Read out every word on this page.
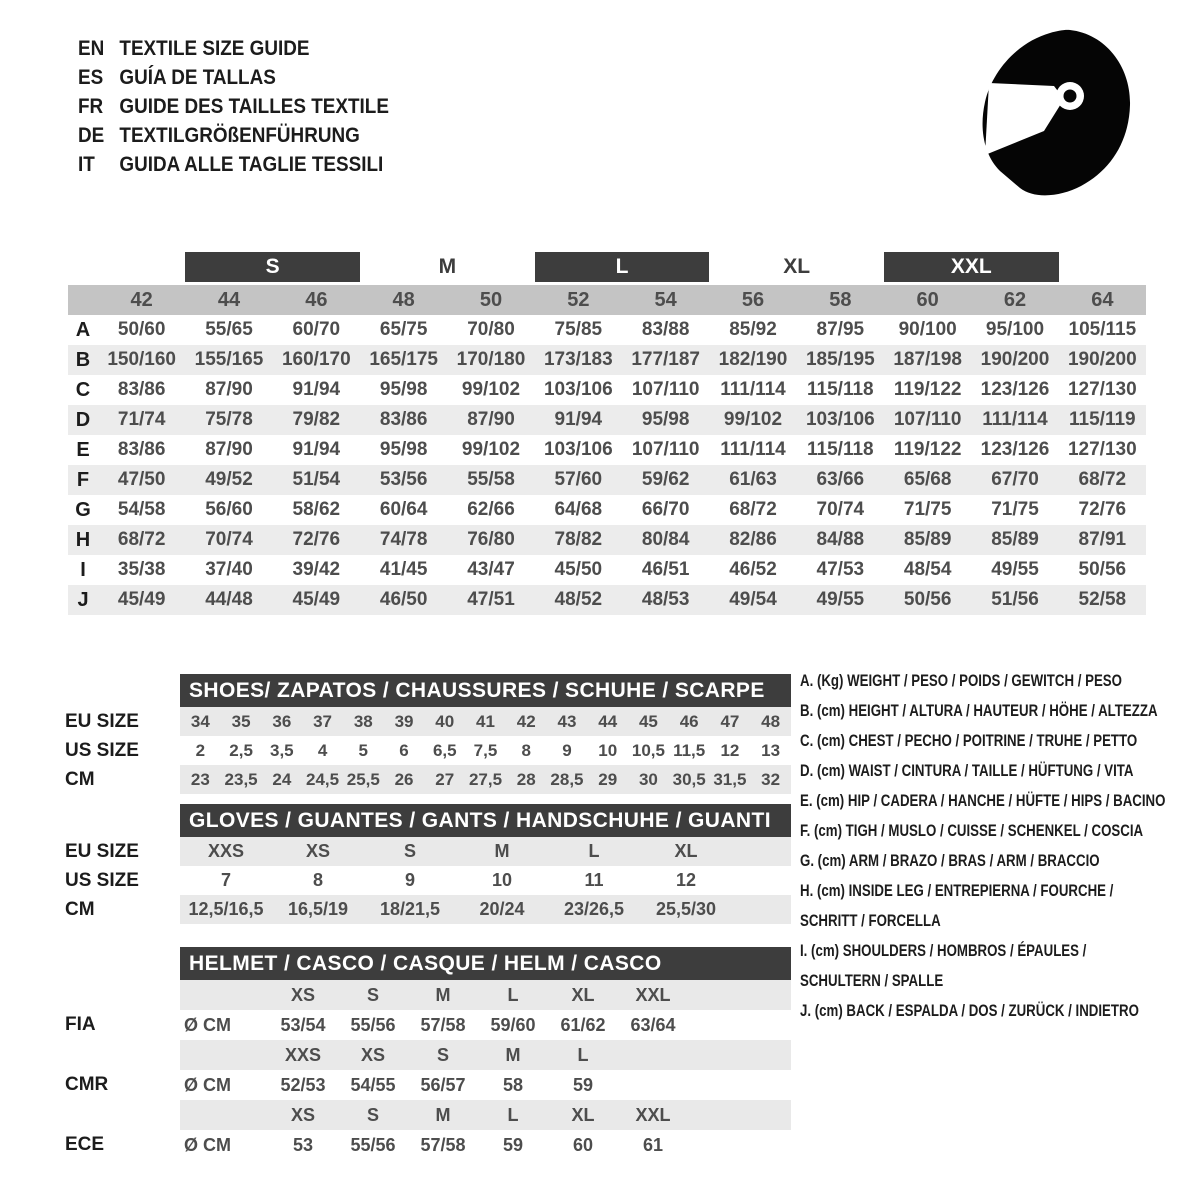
EN TEXTILE SIZE GUIDE
ES GUÍA DE TALLAS
FR GUIDE DES TAILLES TEXTILE
DE TEXTILGRÖßENFÜHRUNG
IT	GUIDA ALLE TAGLIE TESSILI
S	M	L	XL	XXL
42	44	46	48	50	52	54	56	58	60	62	64
A	50/60	55/65	60/70	65/75	70/80	75/85	83/88	85/92	87/95	90/100	95/100	105/115
B 150/160 155/165 160/170 165/175 170/180 173/183 177/187 182/190 185/195 187/198 190/200 190/200
C	83/86	87/90	91/94	95/98	99/102	103/106	107/110	111/114	115/118	119/122	123/126 127/130
D	71/74	75/78	79/82	83/86	87/90	91/94	95/98	99/102	103/106	107/110	111/114	115/119
E	83/86	87/90	91/94	95/98	99/102	103/106	107/110	111/114	115/118	119/122	123/126 127/130
F	47/50	49/52	51/54	53/56	55/58	57/60	59/62	61/63	63/66	65/68	67/70	68/72
G	54/58	56/60	58/62	60/64	62/66	64/68	66/70	68/72	70/74	71/75	71/75	72/76
H	68/72	70/74	72/76	74/78	76/80	78/82	80/84	82/86	84/88	85/89	85/89	87/91
I	35/38	37/40	39/42	41/45	43/47	45/50	46/51	46/52	47/53	48/54	49/55	50/56
J	45/49	44/48	45/49	46/50	47/51	48/52	48/53	49/54	49/55	50/56	51/56	52/58
SHOES/ ZAPATOS / CHAUSSURES / SCHUHE / SCARPE
EU SIZE	34	35	36	37	38	39	40	41	42	43	44	45	46	47	48
US SIZE	2	2,5	3,5	4	5	6	6,5	7,5	8	9	10 10,5 11,5 12	13
CM	23 23,5 24 24,5 25,5 26	27 27,5 28 28,5 29	30 30,5 31,5 32
GLOVES / GUANTES / GANTS / HANDSCHUHE / GUANTI
EU SIZE	XXS	XS	S	M	L	XL
US SIZE	7	8	9	10	11	12
CM	12,5/16,5	16,5/19	18/21,5	20/24	23/26,5	25,5/30
HELMET / CASCO / CASQUE / HELM / CASCO
XS	S	M	L	XL	XXL
FIA	Ø CM	53/54	55/56	57/58	59/60	61/62	63/64
XXS	XS	S	M	L
CMR	Ø CM	52/53	54/55	56/57	58	59
XS	S	M	L	XL	XXL
ECE	Ø CM	53	55/56	57/58	59	60	61
A. (Kg) WEIGHT / PESO / POIDS / GEWITCH / PESO
B. (cm) HEIGHT / ALTURA / HAUTEUR / HÖHE / ALTEZZA
C. (cm) CHEST / PECHO / POITRINE / TRUHE / PETTO
D. (cm) WAIST / CINTURA / TAILLE / HÜFTUNG / VITA
E. (cm) HIP / CADERA / HANCHE / HÜFTE / HIPS / BACINO
F. (cm) TIGH / MUSLO / CUISSE / SCHENKEL / COSCIA
G. (cm) ARM / BRAZO / BRAS / ARM / BRACCIO
H. (cm) INSIDE LEG / ENTREPIERNA / FOURCHE /
SCHRITT / FORCELLA
I. (cm) SHOULDERS / HOMBROS / ÉPAULES /
SCHULTERN / SPALLE
J. (cm) BACK / ESPALDA / DOS / ZURÜCK / INDIETRO
